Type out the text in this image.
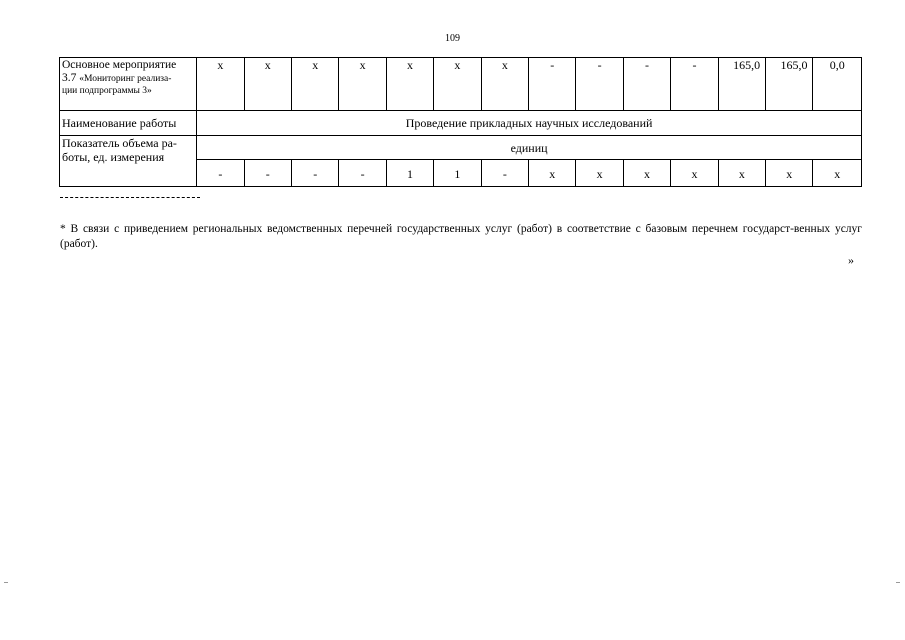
109
Основное мероприятие
3.7 «Мониторинг реализа-
ции подпрограммы 3»	х	х	х	х	х	х	х	-	-	-	-	165,0	165,0	0,0
Наименование работы	Проведение прикладных научных исследований													
Показатель объема ра-боты, ед. измерения	единиц													
	-	-	-	-	1	1	-	х	х	х	х	х	х	х
* В связи с приведением региональных ведомственных перечней государственных услуг (работ) в соответствие с базовым перечнем государст-венных услуг (работ).
»
